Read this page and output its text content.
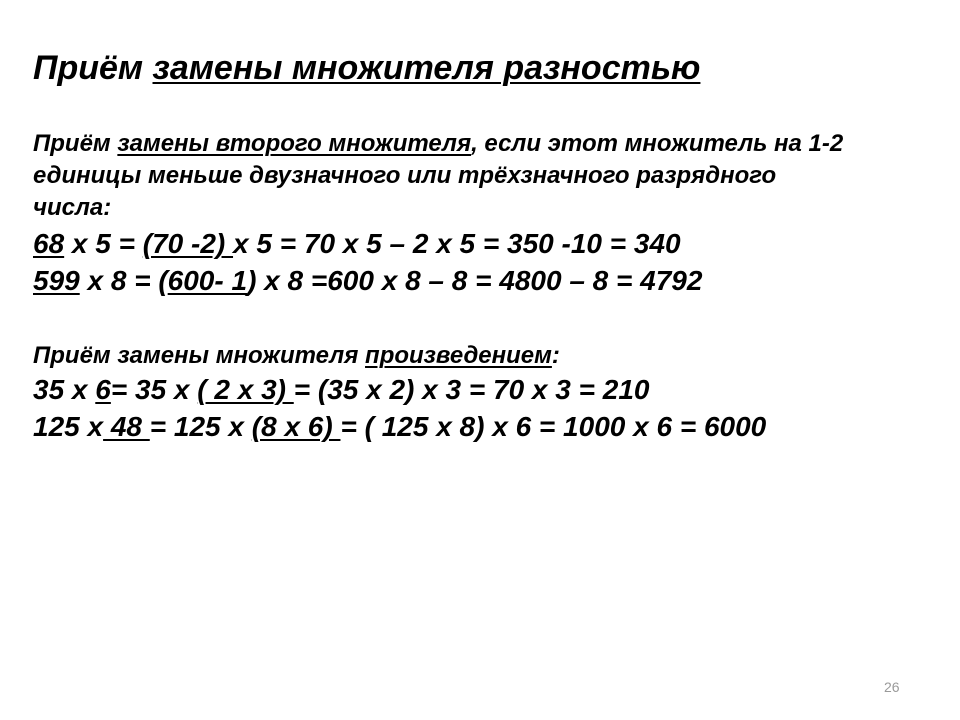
Приём замены множителя разностью
Приём замены второго множителя, если этот множитель на 1-2
единицы меньше двузначного или трёхзначного разрядного
числа:
68 х 5 = (70 -2) х 5 = 70 х 5 – 2 х 5 = 350 -10 = 340
599 х 8 = (600- 1) х 8 =600 х 8 – 8 = 4800 – 8 = 4792
Приём замены множителя произведением:
35 х 6= 35 х ( 2 х 3) = (35 х 2) х 3 = 70 х 3 = 210
125 х 48 = 125 х (8 х 6) = ( 125 х 8) х 6 = 1000 х 6 = 6000
26
